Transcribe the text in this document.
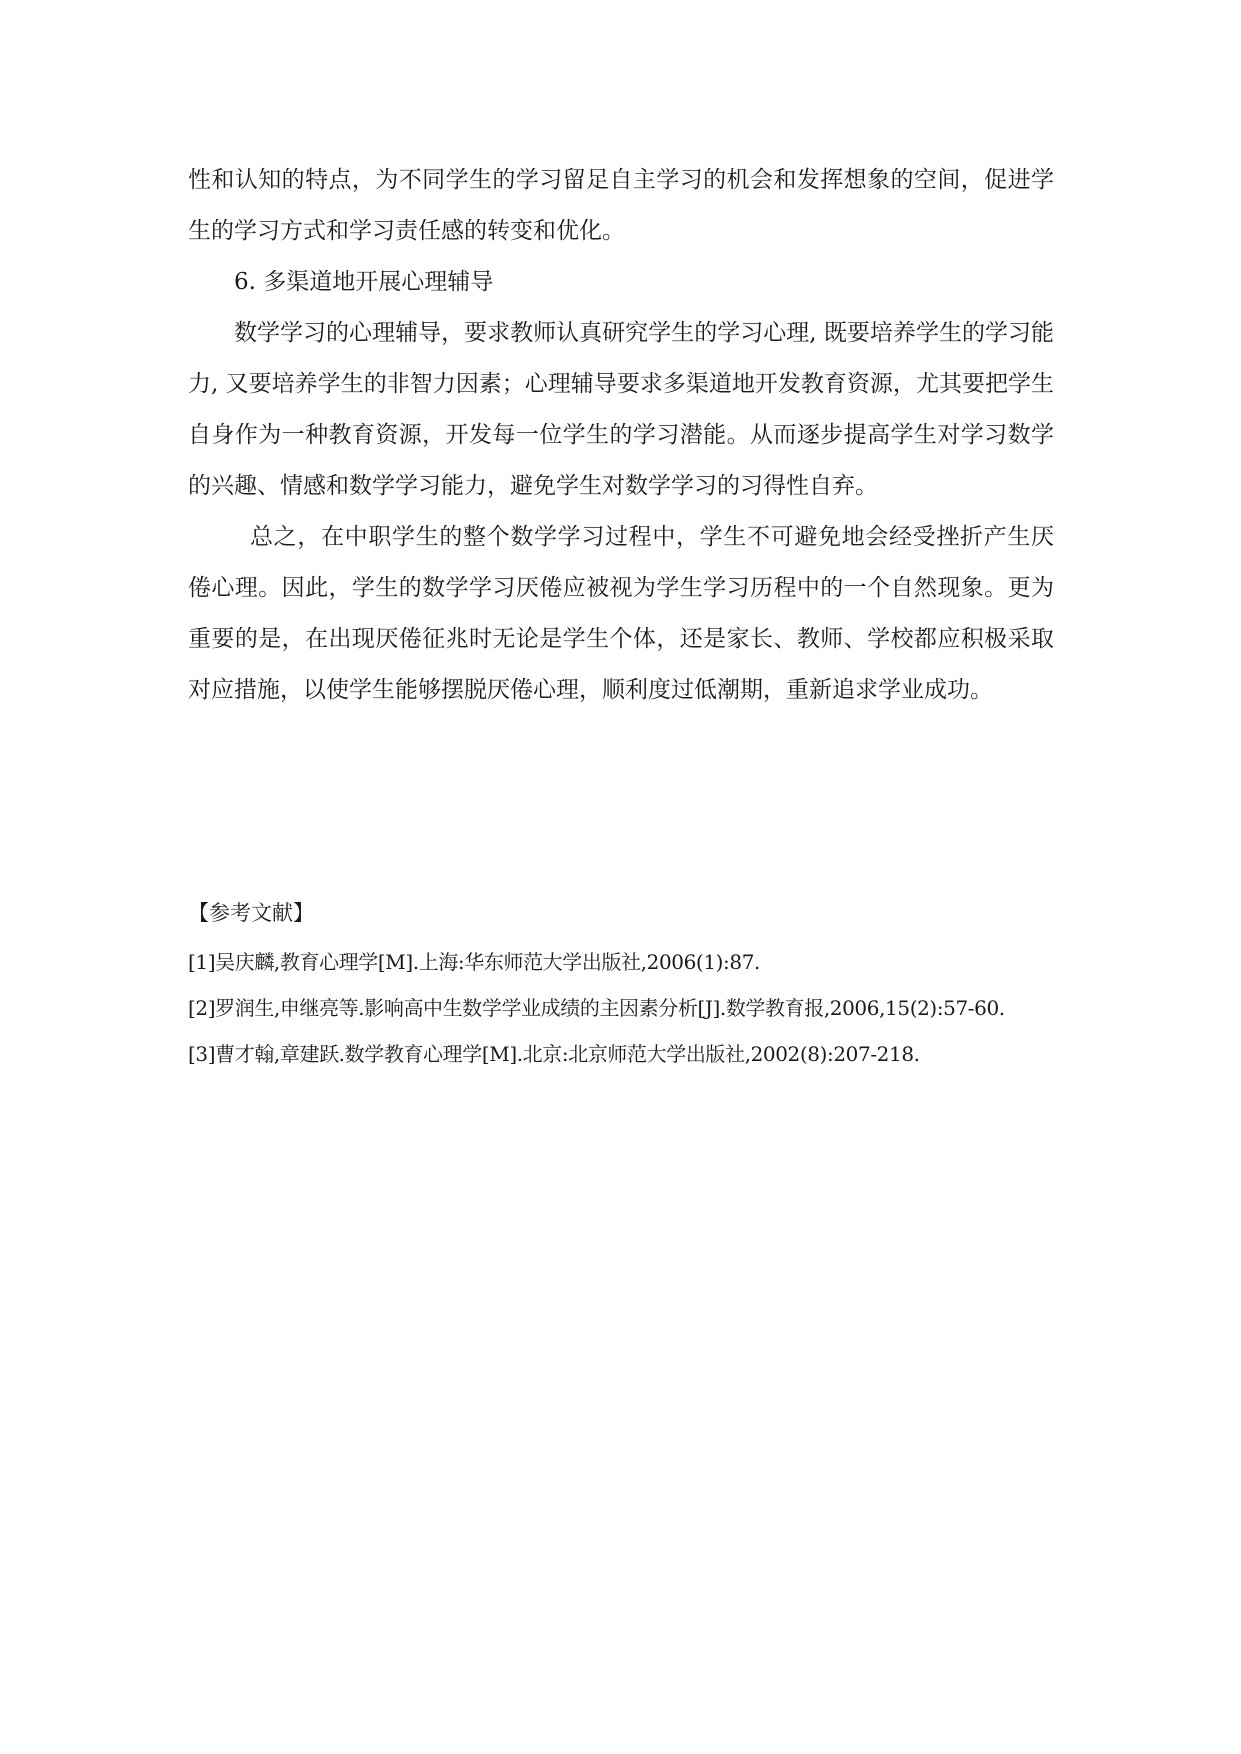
性和认知的特点，为不同学生的学习留足自主学习的机会和发挥想象的空间，促进学生的学习方式和学习责任感的转变和优化。

6. 多渠道地开展心理辅导

数学学习的心理辅导，要求教师认真研究学生的学习心理, 既要培养学生的学习能力, 又要培养学生的非智力因素；心理辅导要求多渠道地开发教育资源，尤其要把学生自身作为一种教育资源，开发每一位学生的学习潜能。从而逐步提高学生对学习数学的兴趣、情感和数学学习能力，避免学生对数学学习的习得性自弃。

总之，在中职学生的整个数学学习过程中，学生不可避免地会经受挫折产生厌倦心理。因此，学生的数学学习厌倦应被视为学生学习历程中的一个自然现象。更为重要的是，在出现厌倦征兆时无论是学生个体，还是家长、教师、学校都应积极采取对应措施，以使学生能够摆脱厌倦心理，顺利度过低潮期，重新追求学业成功。

【参考文献】

[1]吴庆麟,教育心理学[M].上海:华东师范大学出版社,2006(1):87.

[2]罗润生,申继亮等.影响高中生数学学业成绩的主因素分析[J].数学教育报,2006,15(2):57-60.

[3]曹才翰,章建跃.数学教育心理学[M].北京:北京师范大学出版社,2002(8):207-218.
